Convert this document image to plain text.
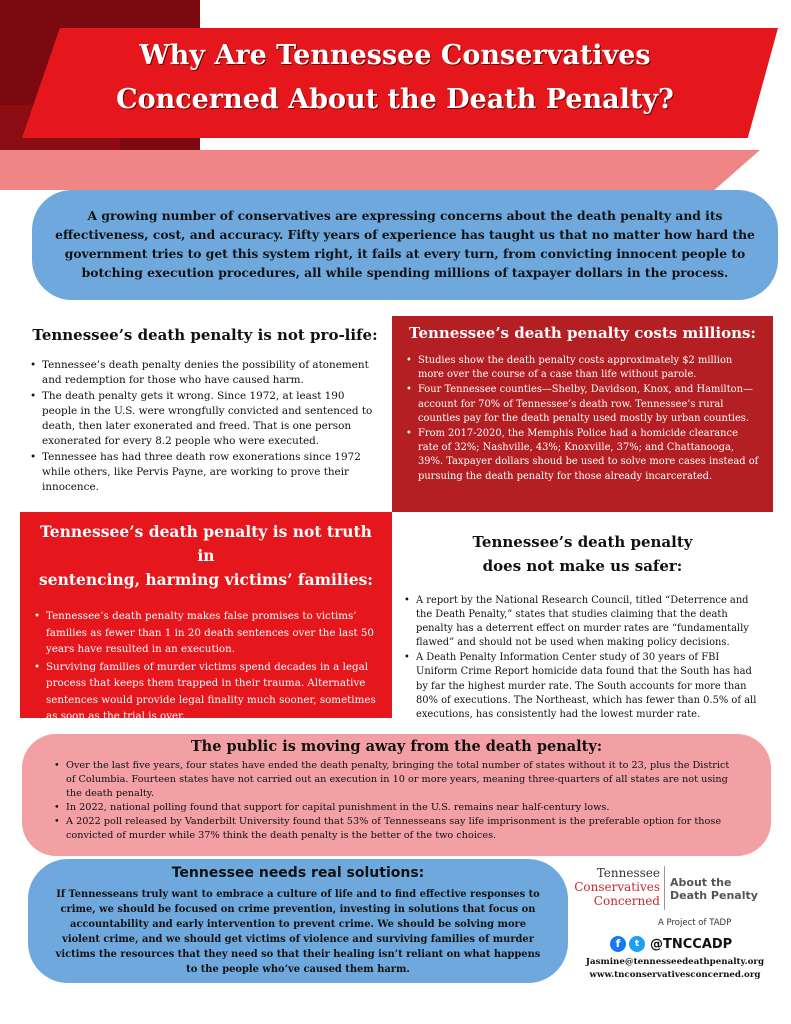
Why Are Tennessee Conservatives
Concerned About the Death Penalty?

A growing number of conservatives are expressing concerns about the death penalty and its effectiveness, cost, and accuracy. Fifty years of experience has taught us that no matter how hard the government tries to get this system right, it fails at every turn, from convicting innocent people to botching execution procedures, all while spending millions of taxpayer dollars in the process.

Tennessee’s death penalty is not pro-life:
• Tennessee’s death penalty denies the possibility of atonement and redemption for those who have caused harm.
• The death penalty gets it wrong. Since 1972, at least 190 people in the U.S. were wrongfully convicted and sentenced to death, then later exonerated and freed. That is one person exonerated for every 8.2 people who were executed.
• Tennessee has had three death row exonerations since 1972 while others, like Pervis Payne, are working to prove their innocence.
Tennessee’s death penalty costs millions:
• Studies show the death penalty costs approximately $2 million more over the course of a case than life without parole.
• Four Tennessee counties—Shelby, Davidson, Knox, and Hamilton—account for 70% of Tennessee’s death row. Tennessee’s rural counties pay for the death penalty used mostly by urban counties.
• From 2017-2020, the Memphis Police had a homicide clearance rate of 32%; Nashville, 43%; Knoxville, 37%; and Chattanooga, 39%. Taxpayer dollars shoud be used to solve more cases instead of pursuing the death penalty for those already incarcerated.
Tennessee’s death penalty is not truth in
sentencing, harming victims’ families:
• Tennessee’s death penalty makes false promises to victims’ families as fewer than 1 in 20 death sentences over the last 50 years have resulted in an execution.
• Surviving families of murder victims spend decades in a legal process that keeps them trapped in their trauma. Alternative sentences would provide legal finality much sooner, sometimes as soon as the trial is over.
Tennessee’s death penalty
does not make us safer:
• A report by the National Research Council, titled “Deterrence and the Death Penalty,” states that studies claiming that the death penalty has a deterrent effect on murder rates are “fundamentally flawed” and should not be used when making policy decisions.
• A Death Penalty Information Center study of 30 years of FBI Uniform Crime Report homicide data found that the South has had by far the highest murder rate. The South accounts for more than 80% of executions. The Northeast, which has fewer than 0.5% of all executions, has consistently had the lowest murder rate.
The public is moving away from the death penalty:
• Over the last five years, four states have ended the death penalty, bringing the total number of states without it to 23, plus the District of Columbia. Fourteen states have not carried out an execution in 10 or more years, meaning three-quarters of all states are not using the death penalty.
• In 2022, national polling found that support for capital punishment in the U.S. remains near half-century lows.
• A 2022 poll released by Vanderbilt University found that 53% of Tennesseans say life imprisonment is the preferable option for those convicted of murder while 37% think the death penalty is the better of the two choices.
Tennessee needs real solutions:

If Tennesseans truly want to embrace a culture of life and to find effective responses to crime, we should be focused on crime prevention, investing in solutions that focus on accountability and early intervention to prevent crime. We should be solving more violent crime, and we should get victims of violence and surviving families of murder victims the resources that they need so that their healing isn’t reliant on what happens to the people who’ve caused them harm.

Tennessee
Conservatives
Concerned
About the
Death Penalty
A Project of TADP
f	t @TNCCADP
Jasmine@tennesseedeathpenalty.org
www.tnconservativesconcerned.org
